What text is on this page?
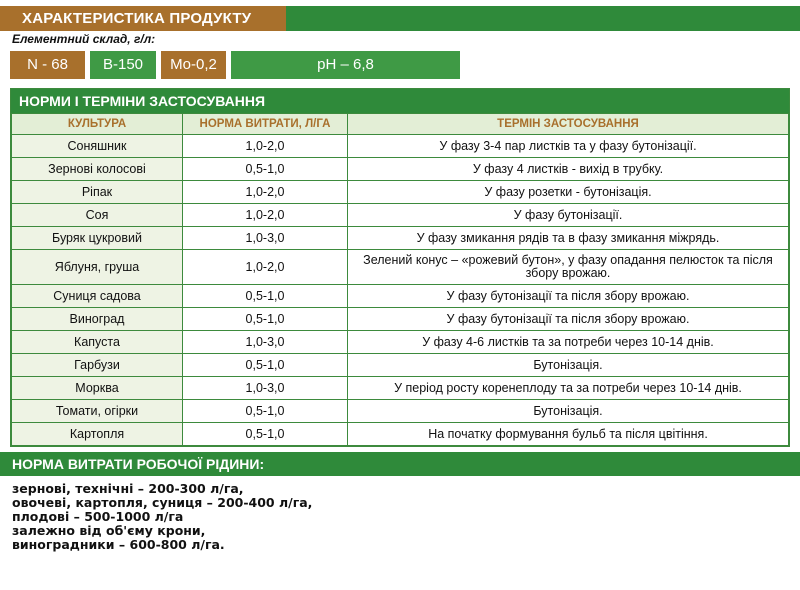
ХАРАКТЕРИСТИКА ПРОДУКТУ
Елементний склад, г/л:
N - 68	B-150	Mo-0,2	pH – 6,8
НОРМИ І ТЕРМІНИ ЗАСТОСУВАННЯ
КУЛЬТУРА	НОРМА ВИТРАТИ, Л/ГА	ТЕРМІН ЗАСТОСУВАННЯ
Соняшник	1,0-2,0	У фазу 3-4 пар листків та у фазу бутонізації.
Зернові колосові	0,5-1,0	У фазу 4 листків - вихід в трубку.
Ріпак	1,0-2,0	У фазу розетки - бутонізація.
Соя	1,0-2,0	У фазу бутонізації.
Буряк цукровий	1,0-3,0	У фазу змикання рядів та в фазу змикання міжрядь.
Яблуня, груша	1,0-2,0	Зелений конус – «рожевий бутон», у фазу опадання пелюсток та після збору врожаю.
Суниця садова	0,5-1,0	У фазу бутонізації та після збору врожаю.
Виноград	0,5-1,0	У фазу бутонізації та після збору врожаю.
Капуста	1,0-3,0	У фазу 4-6 листків та за потреби через 10-14 днів.
Гарбузи	0,5-1,0	Бутонізація.
Морква	1,0-3,0	У період росту коренеплоду та за потреби через 10-14 днів.
Томати, огірки	0,5-1,0	Бутонізація.
Картопля	0,5-1,0	На початку формування бульб та після цвітіння.
НОРМА ВИТРАТИ РОБОЧОЇ РІДИНИ:
зернові, технічні – 200-300 л/га,
овочеві, картопля, суниця – 200-400 л/га,
плодові – 500-1000 л/га
залежно від об'єму крони,
виноградники – 600-800 л/га.
